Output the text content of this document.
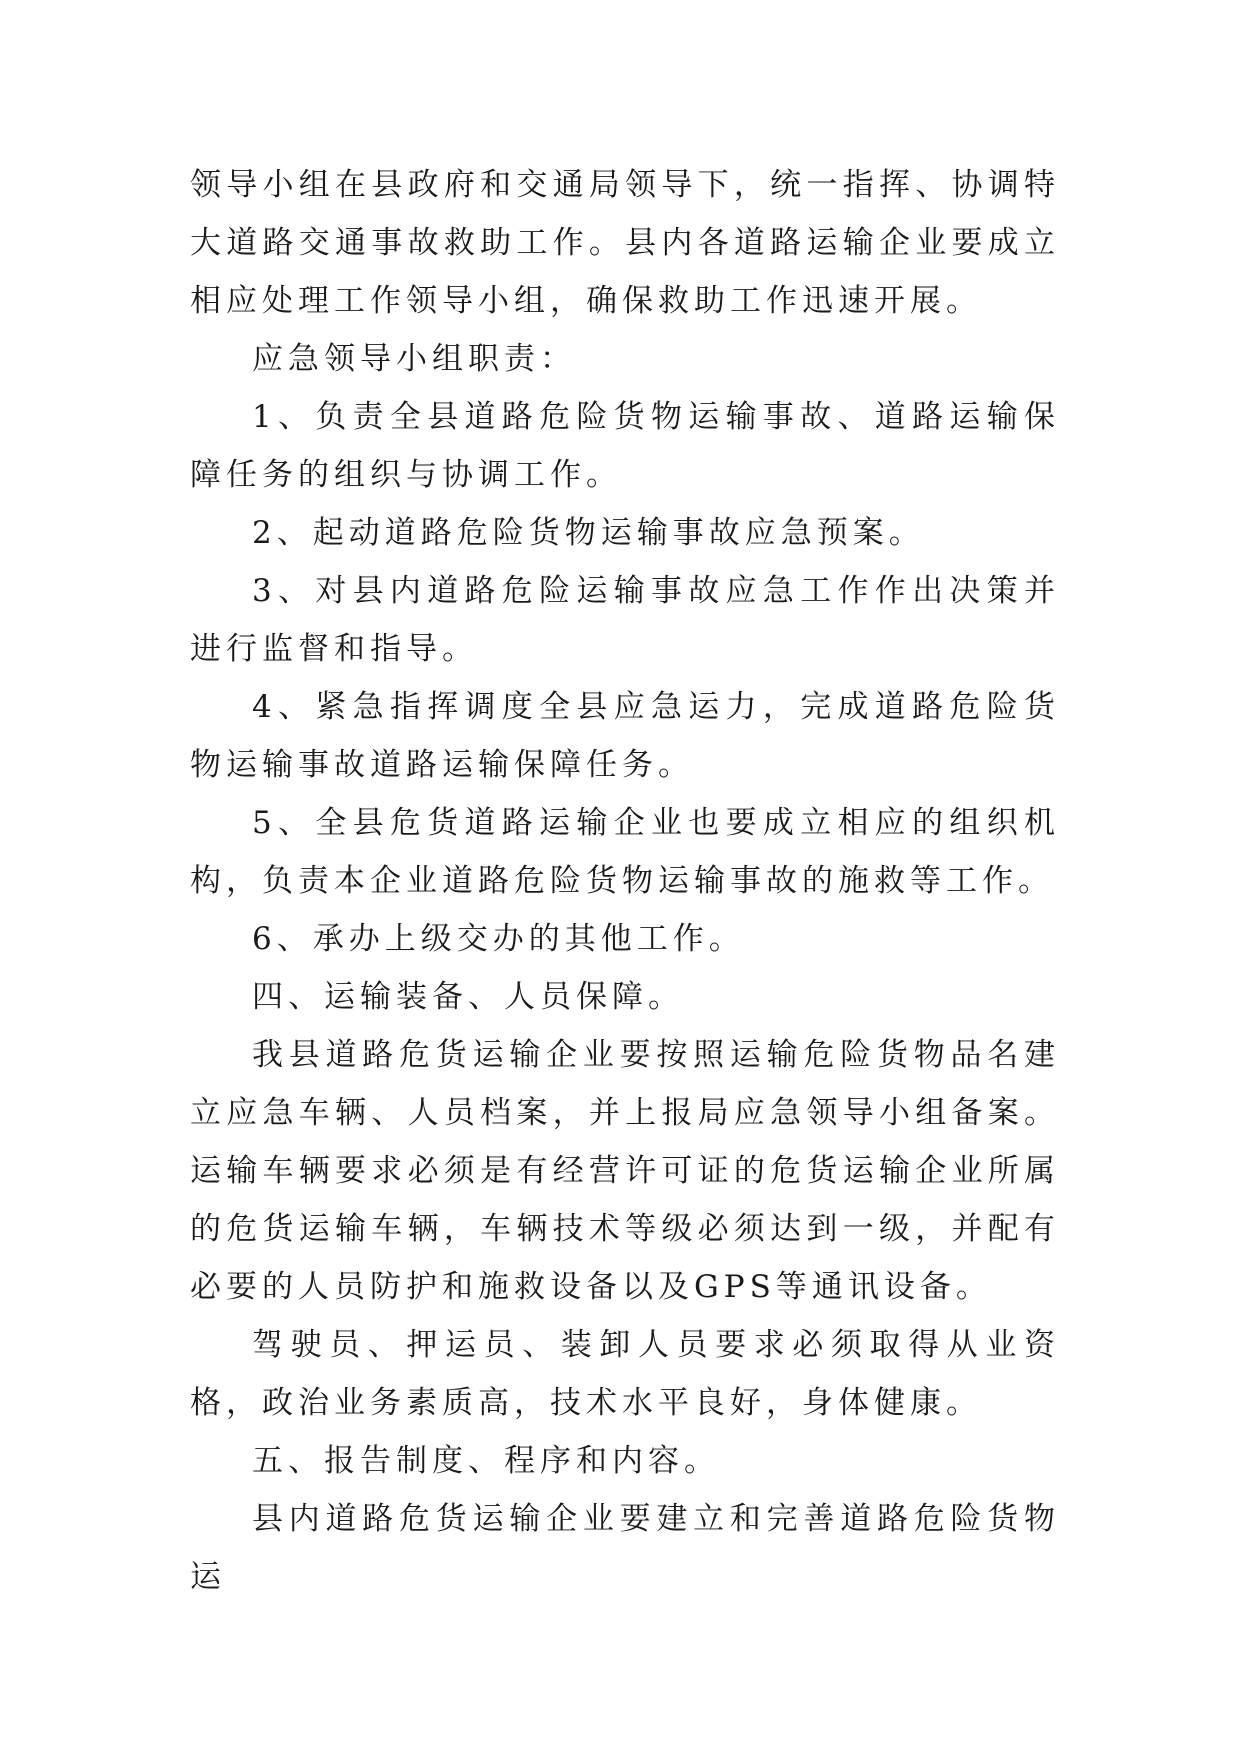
领导小组在县政府和交通局领导下，统一指挥、协调特大道路交通事故救助工作。县内各道路运输企业要成立相应处理工作领导小组，确保救助工作迅速开展。

应急领导小组职责：

1、负责全县道路危险货物运输事故、道路运输保障任务的组织与协调工作。

2、起动道路危险货物运输事故应急预案。

3、对县内道路危险运输事故应急工作作出决策并进行监督和指导。

4、紧急指挥调度全县应急运力，完成道路危险货物运输事故道路运输保障任务。

5、全县危货道路运输企业也要成立相应的组织机构，负责本企业道路危险货物运输事故的施救等工作。

6、承办上级交办的其他工作。

四、运输装备、人员保障。

我县道路危货运输企业要按照运输危险货物品名建立应急车辆、人员档案，并上报局应急领导小组备案。运输车辆要求必须是有经营许可证的危货运输企业所属的危货运输车辆，车辆技术等级必须达到一级，并配有必要的人员防护和施救设备以及GPS等通讯设备。

驾驶员、押运员、装卸人员要求必须取得从业资格，政治业务素质高，技术水平良好，身体健康。

五、报告制度、程序和内容。

县内道路危货运输企业要建立和完善道路危险货物运
